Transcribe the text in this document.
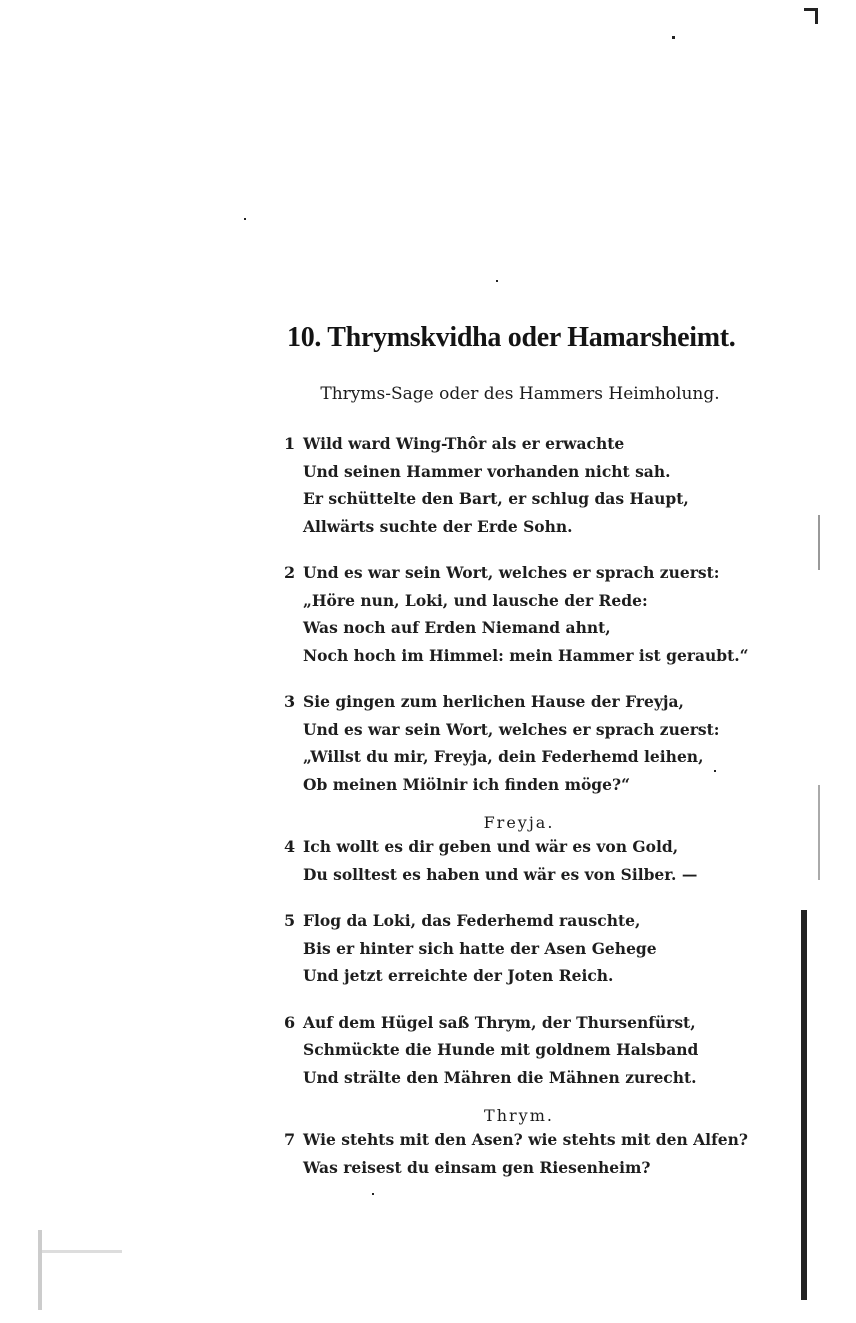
10. Thrymskvidha oder Hamarsheimt.
Thryms-Sage oder des Hammers Heimholung.
1 Wild ward Wing-Thôr als er erwachte
Und seinen Hammer vorhanden nicht sah.
Er schüttelte den Bart, er schlug das Haupt,
Allwärts suchte der Erde Sohn.
2 Und es war sein Wort, welches er sprach zuerst:
„Höre nun, Loki, und lausche der Rede:
Was noch auf Erden Niemand ahnt,
Noch hoch im Himmel: mein Hammer ist geraubt.“
3 Sie gingen zum herlichen Hause der Freyja,
Und es war sein Wort, welches er sprach zuerst:
„Willst du mir, Freyja, dein Federhemd leihen,
Ob meinen Miölnir ich finden möge?“
Freyja.
4 Ich wollt es dir geben und wär es von Gold,
Du solltest es haben und wär es von Silber. —
5 Flog da Loki, das Federhemd rauschte,
Bis er hinter sich hatte der Asen Gehege
Und jetzt erreichte der Joten Reich.
6 Auf dem Hügel saß Thrym, der Thursenfürst,
Schmückte die Hunde mit goldnem Halsband
Und strälte den Mähren die Mähnen zurecht.
Thrym.
7 Wie stehts mit den Asen? wie stehts mit den Alfen?
Was reisest du einsam gen Riesenheim?
